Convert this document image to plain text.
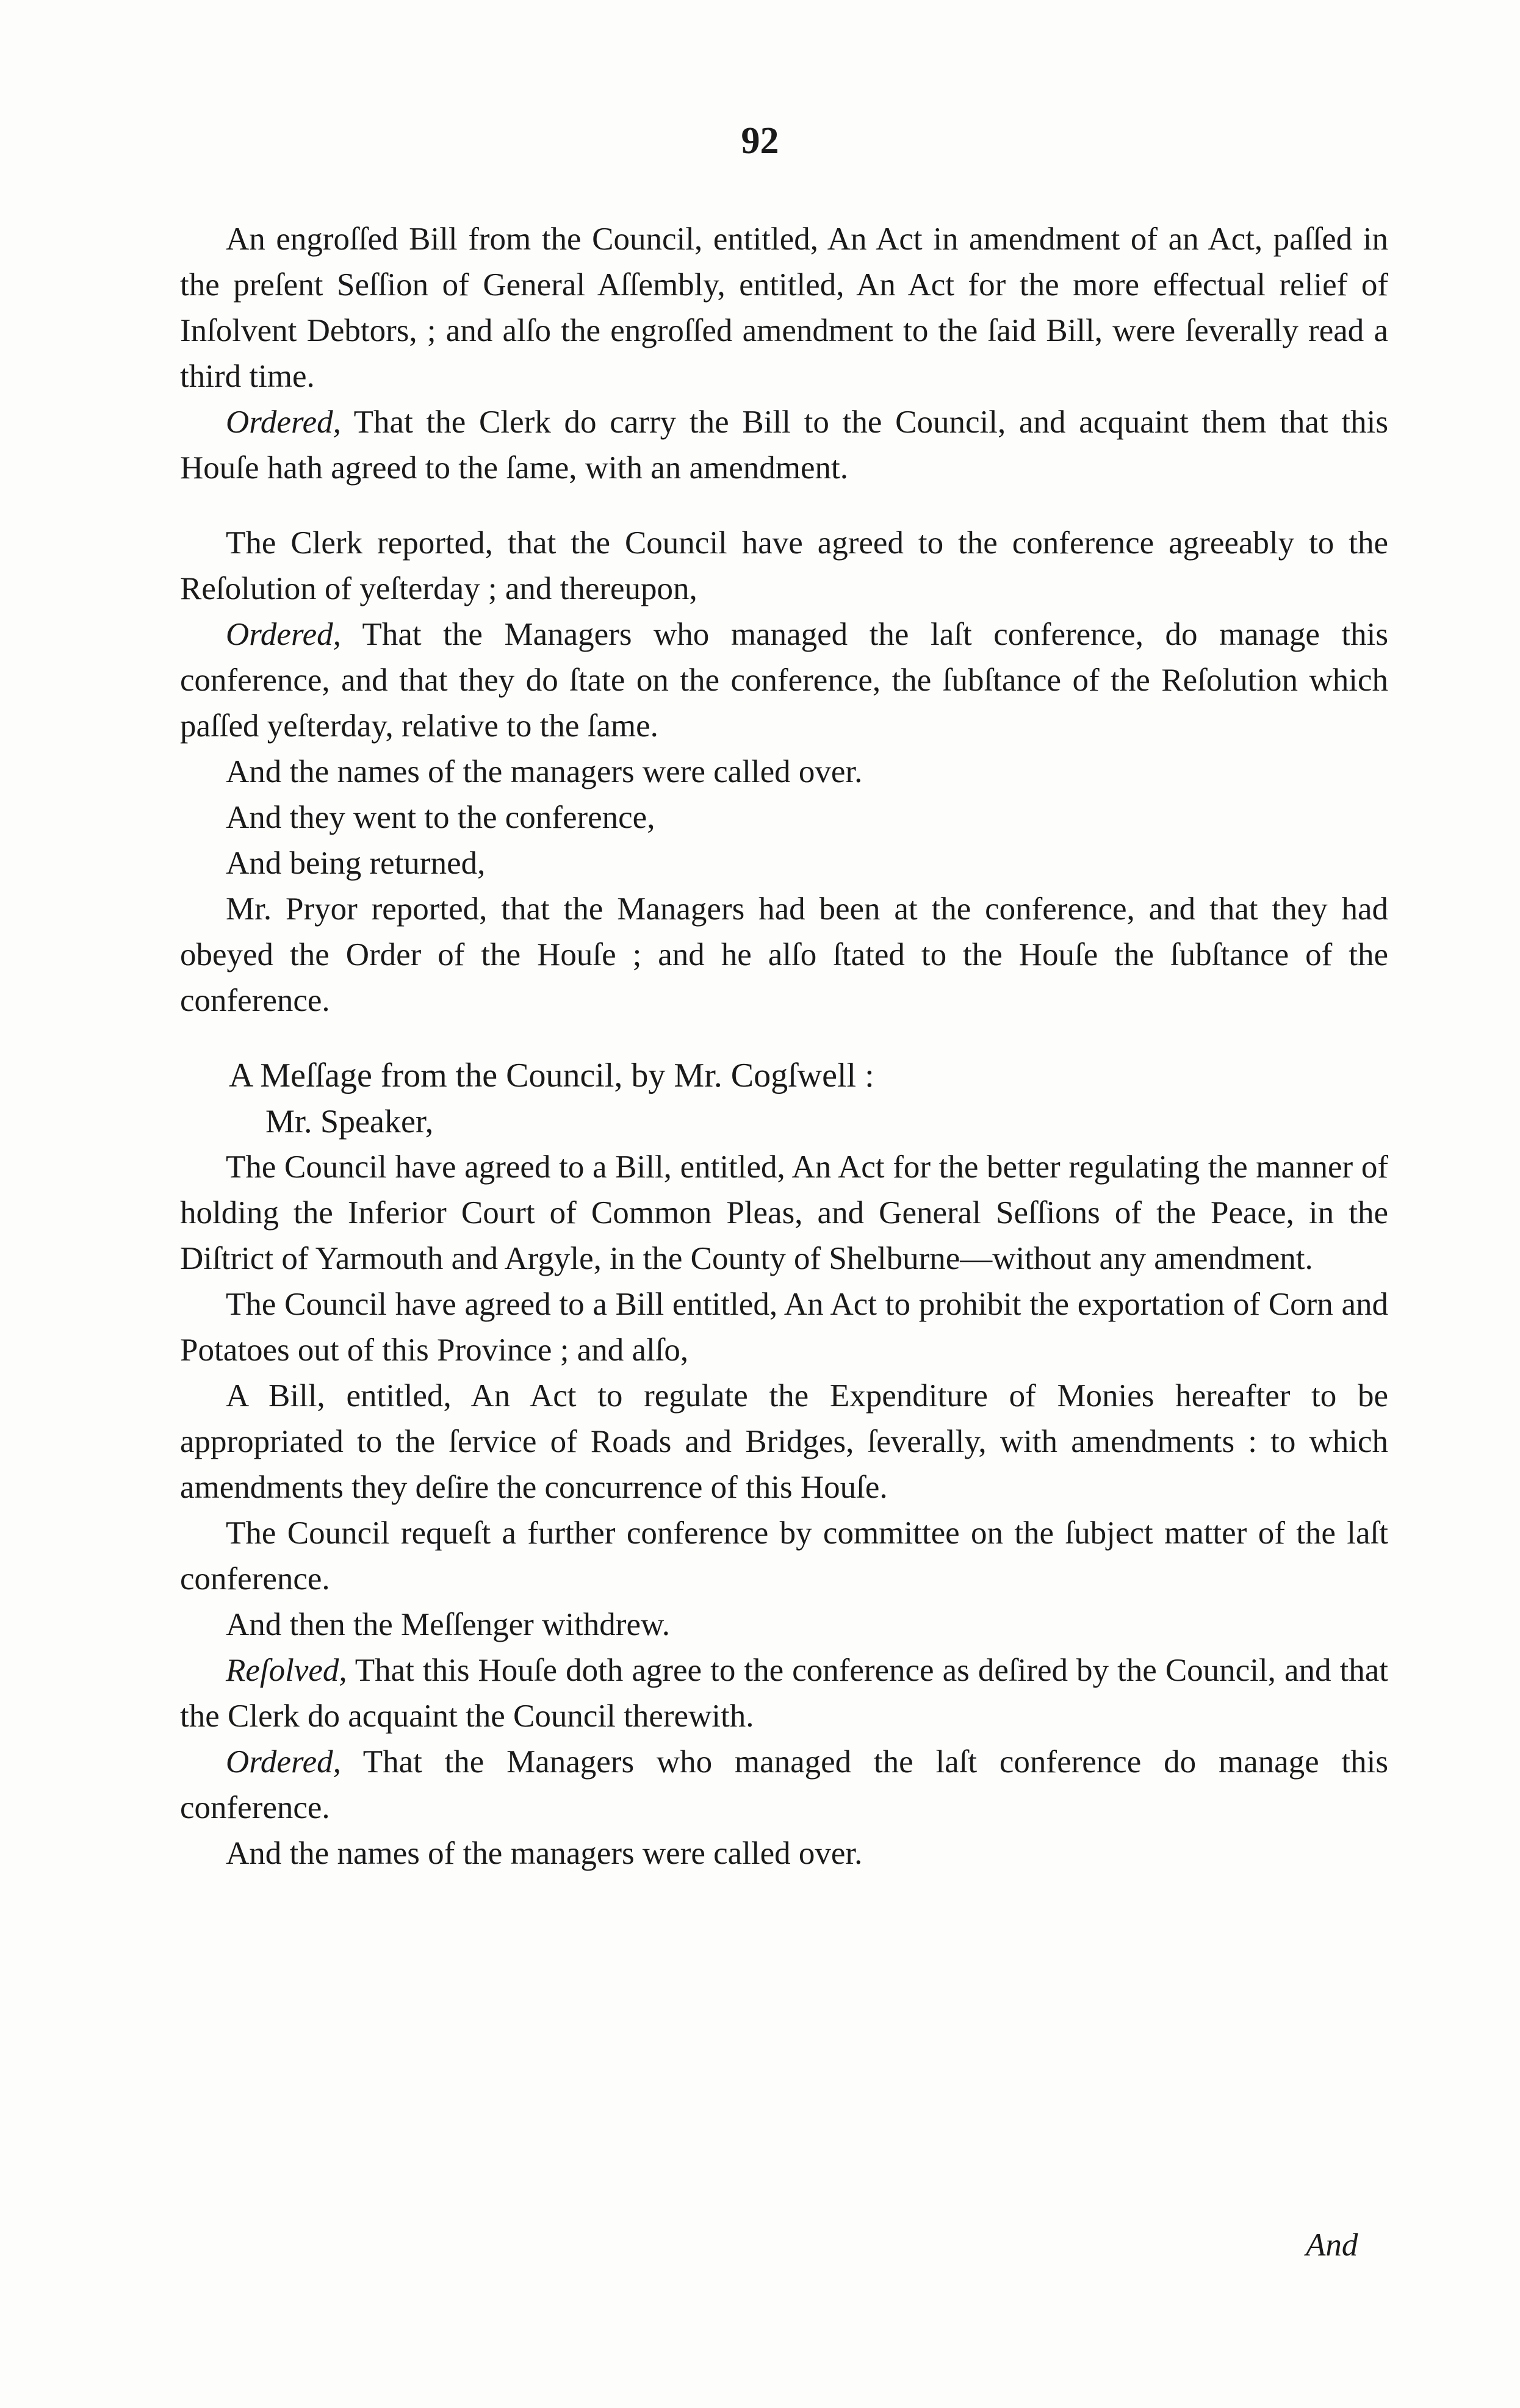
92

An engroſſed Bill from the Council, entitled, An Act in amendment of an Act, paſſed in the preſent Seſſion of General Aſſembly, entitled, An Act for the more effectual relief of Inſolvent Debtors, ; and alſo the engroſſed amendment to the ſaid Bill, were ſeverally read a third time.

Ordered, That the Clerk do carry the Bill to the Council, and acquaint them that this Houſe hath agreed to the ſame, with an amendment.

The Clerk reported, that the Council have agreed to the conference agreeably to the Reſolution of yeſterday ; and thereupon,

Ordered, That the Managers who managed the laſt conference, do manage this conference, and that they do ſtate on the conference, the ſubſtance of the Reſolution which paſſed yeſterday, relative to the ſame.

And the names of the managers were called over.

And they went to the conference,

And being returned,

Mr. Pryor reported, that the Managers had been at the conference, and that they had obeyed the Order of the Houſe ; and he alſo ſtated to the Houſe the ſubſtance of the conference.

A Meſſage from the Council, by Mr. Cogſwell :

Mr. Speaker,

The Council have agreed to a Bill, entitled, An Act for the better regulating the manner of holding the Inferior Court of Common Pleas, and General Seſſions of the Peace, in the Diſtrict of Yarmouth and Argyle, in the County of Shelburne—without any amendment.

The Council have agreed to a Bill entitled, An Act to prohibit the exportation of Corn and Potatoes out of this Province ; and alſo,

A Bill, entitled, An Act to regulate the Expenditure of Monies hereafter to be appropriated to the ſervice of Roads and Bridges, ſeverally, with amendments : to which amendments they deſire the concurrence of this Houſe.

The Council requeſt a further conference by committee on the ſubject matter of the laſt conference.

And then the Meſſenger withdrew.

Reſolved, That this Houſe doth agree to the conference as deſired by the Council, and that the Clerk do acquaint the Council therewith.

Ordered, That the Managers who managed the laſt conference do manage this conference.

And the names of the managers were called over.

And
